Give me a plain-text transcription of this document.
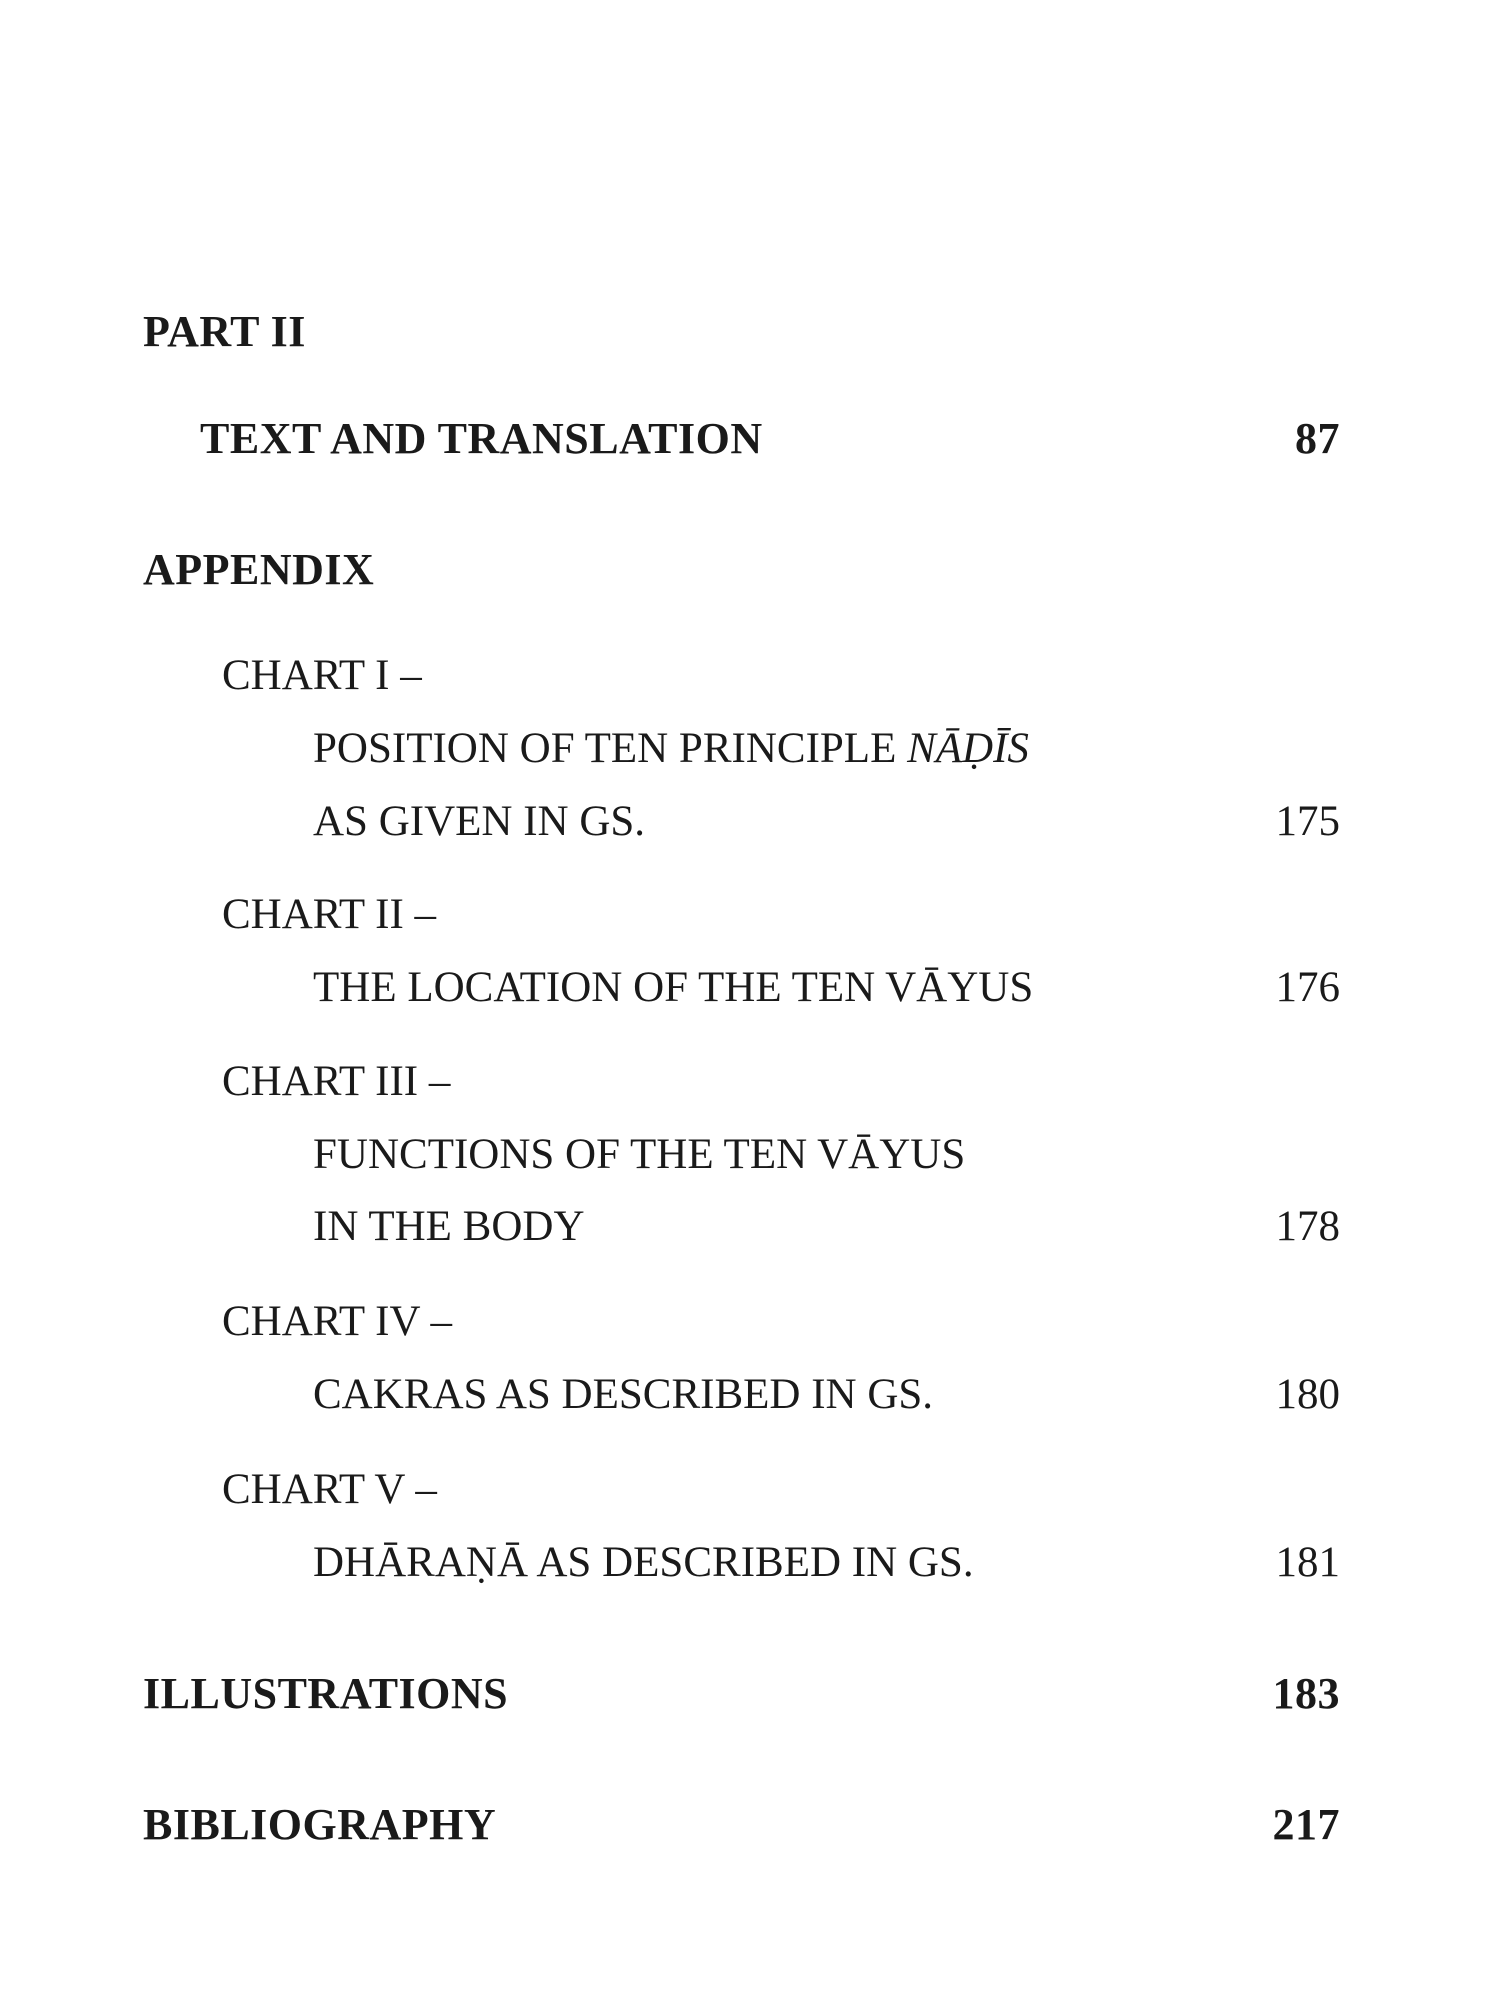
PART II
TEXT AND TRANSLATION	87
APPENDIX
CHART I –
POSITION OF TEN PRINCIPLE NĀḌĪS
AS GIVEN IN GS.	175
CHART II –
THE LOCATION OF THE TEN VĀYUS	176
CHART III –
FUNCTIONS OF THE TEN VĀYUS
IN THE BODY	178
CHART IV –
CAKRAS AS DESCRIBED IN GS.	180
CHART V –
DHĀRAṆĀ AS DESCRIBED IN GS.	181
ILLUSTRATIONS	183
BIBLIOGRAPHY	217
